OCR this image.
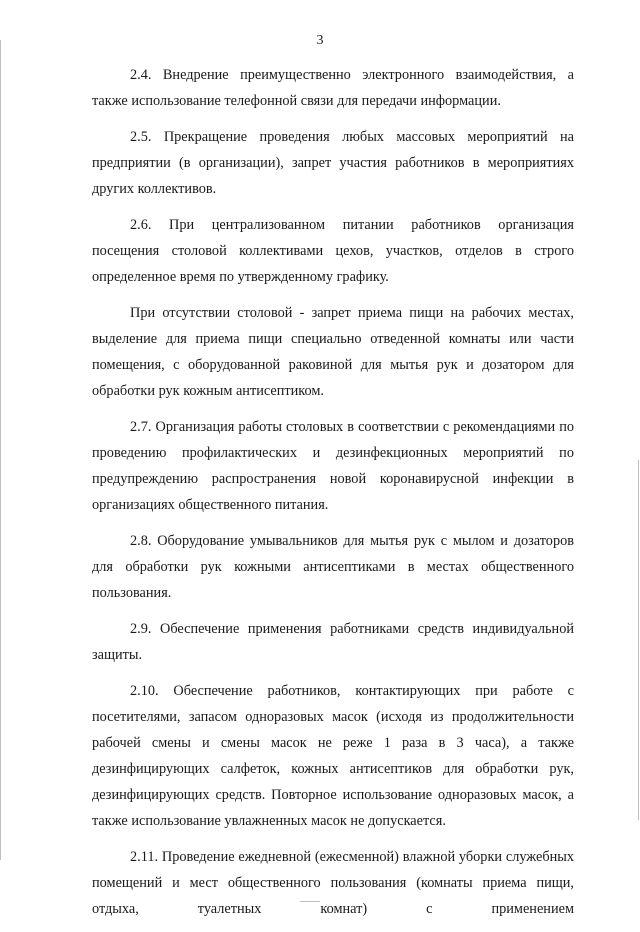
3

2.4. Внедрение преимущественно электронного взаимодействия, а также использование телефонной связи для передачи информации.

2.5. Прекращение проведения любых массовых мероприятий на предприятии (в организации), запрет участия работников в мероприятиях других коллективов.

2.6. При централизованном питании работников организация посещения столовой коллективами цехов, участков, отделов в строго определенное время по утвержденному графику.

При отсутствии столовой - запрет приема пищи на рабочих местах, выделение для приема пищи специально отведенной комнаты или части помещения, с оборудованной раковиной для мытья рук и дозатором для обработки рук кожным антисептиком.

2.7. Организация работы столовых в соответствии с рекомендациями по проведению профилактических и дезинфекционных мероприятий по предупреждению распространения новой коронавирусной инфекции в организациях общественного питания.

2.8. Оборудование умывальников для мытья рук с мылом и дозаторов для обработки рук кожными антисептиками в местах общественного пользования.

2.9. Обеспечение применения работниками средств индивидуальной защиты.

2.10. Обеспечение работников, контактирующих при работе с посетителями, запасом одноразовых масок (исходя из продолжительности рабочей смены и смены масок не реже 1 раза в 3 часа), а также дезинфицирующих салфеток, кожных антисептиков для обработки рук, дезинфицирующих средств. Повторное использование одноразовых масок, а также использование увлажненных масок не допускается.

2.11. Проведение ежедневной (ежесменной) влажной уборки служебных помещений и мест общественного пользования (комнаты приема пищи, отдыха, туалетных комнат) с применением
